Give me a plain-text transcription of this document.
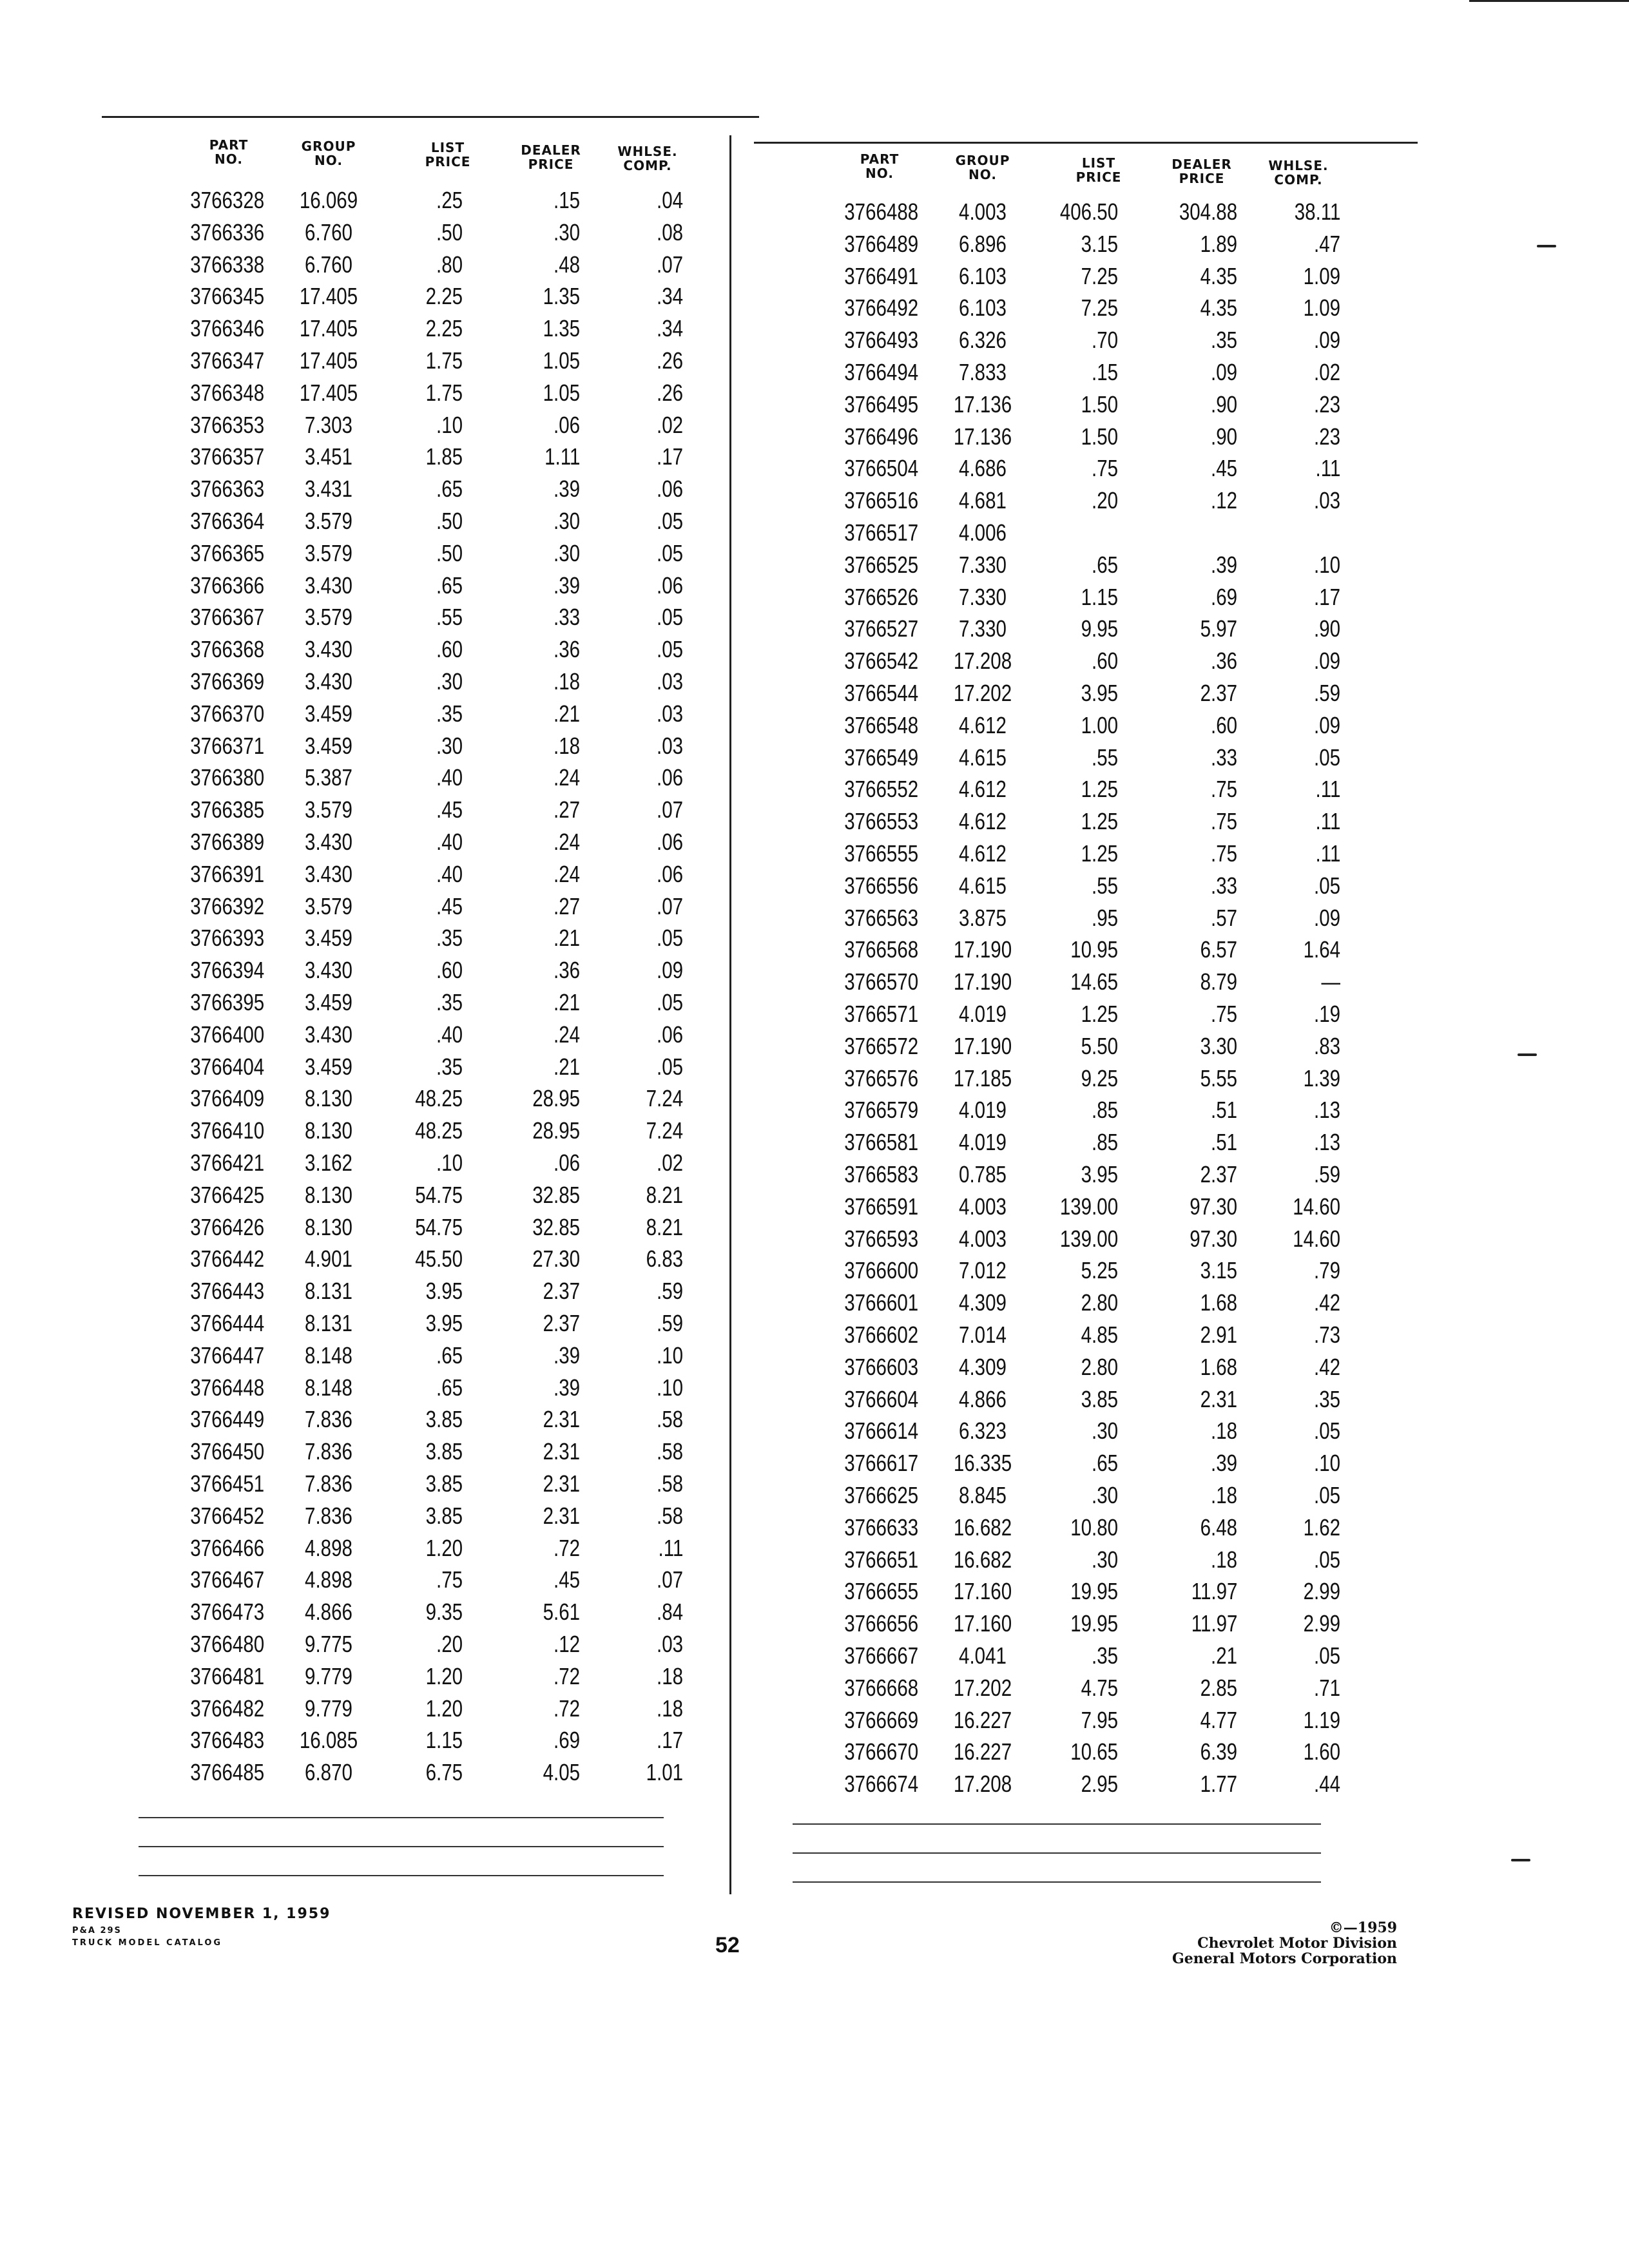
PART
NO.
GROUP
NO.
LIST
PRICE
DEALER
PRICE
WHLSE.
COMP.
3766328	16.069	.25	.15	.04
3766336	6.760	.50	.30	.08
3766338	6.760	.80	.48	.07
3766345	17.405	2.25	1.35	.34
3766346	17.405	2.25	1.35	.34
3766347	17.405	1.75	1.05	.26
3766348	17.405	1.75	1.05	.26
3766353	7.303	.10	.06	.02
3766357	3.451	1.85	1.11	.17
3766363	3.431	.65	.39	.06
3766364	3.579	.50	.30	.05
3766365	3.579	.50	.30	.05
3766366	3.430	.65	.39	.06
3766367	3.579	.55	.33	.05
3766368	3.430	.60	.36	.05
3766369	3.430	.30	.18	.03
3766370	3.459	.35	.21	.03
3766371	3.459	.30	.18	.03
3766380	5.387	.40	.24	.06
3766385	3.579	.45	.27	.07
3766389	3.430	.40	.24	.06
3766391	3.430	.40	.24	.06
3766392	3.579	.45	.27	.07
3766393	3.459	.35	.21	.05
3766394	3.430	.60	.36	.09
3766395	3.459	.35	.21	.05
3766400	3.430	.40	.24	.06
3766404	3.459	.35	.21	.05
3766409	8.130	48.25	28.95	7.24
3766410	8.130	48.25	28.95	7.24
3766421	3.162	.10	.06	.02
3766425	8.130	54.75	32.85	8.21
3766426	8.130	54.75	32.85	8.21
3766442	4.901	45.50	27.30	6.83
3766443	8.131	3.95	2.37	.59
3766444	8.131	3.95	2.37	.59
3766447	8.148	.65	.39	.10
3766448	8.148	.65	.39	.10
3766449	7.836	3.85	2.31	.58
3766450	7.836	3.85	2.31	.58
3766451	7.836	3.85	2.31	.58
3766452	7.836	3.85	2.31	.58
3766466	4.898	1.20	.72	.11
3766467	4.898	.75	.45	.07
3766473	4.866	9.35	5.61	.84
3766480	9.775	.20	.12	.03
3766481	9.779	1.20	.72	.18
3766482	9.779	1.20	.72	.18
3766483	16.085	1.15	.69	.17
3766485	6.870	6.75	4.05	1.01
PART
NO.
GROUP
NO.
LIST
PRICE
DEALER
PRICE
WHLSE.
COMP.
3766488	4.003	406.50	304.88 38.11
3766489	6.896	3.15	1.89	.47
3766491	6.103	7.25	4.35	1.09
3766492	6.103	7.25	4.35	1.09
3766493	6.326	.70	.35	.09
3766494	7.833	.15	.09	.02
3766495	17.136	1.50	.90	.23
3766496	17.136	1.50	.90	.23
3766504	4.686	.75	.45	.11
3766516	4.681	.20	.12	.03
3766517	4.006
3766525	7.330	.65	.39	.10
3766526	7.330	1.15	.69	.17
3766527	7.330	9.95	5.97	.90
3766542	17.208	.60	.36	.09
3766544	17.202	3.95	2.37	.59
3766548	4.612	1.00	.60	.09
3766549	4.615	.55	.33	.05
3766552	4.612	1.25	.75	.11
3766553	4.612	1.25	.75	.11
3766555	4.612	1.25	.75	.11
3766556	4.615	.55	.33	.05
3766563	3.875	.95	.57	.09
3766568	17.190	10.95	6.57	1.64
3766570	17.190	14.65	8.79	—
3766571	4.019	1.25	.75	.19
3766572	17.190	5.50	3.30	.83
3766576	17.185	9.25	5.55	1.39
3766579	4.019	.85	.51	.13
3766581	4.019	.85	.51	.13
3766583	0.785	3.95	2.37	.59
3766591	4.003	139.00	97.30 14.60
3766593	4.003	139.00	97.30 14.60
3766600	7.012	5.25	3.15	.79
3766601	4.309	2.80	1.68	.42
3766602	7.014	4.85	2.91	.73
3766603	4.309	2.80	1.68	.42
3766604	4.866	3.85	2.31	.35
3766614	6.323	.30	.18	.05
3766617	16.335	.65	.39	.10
3766625	8.845	.30	.18	.05
3766633	16.682	10.80	6.48	1.62
3766651	16.682	.30	.18	.05
3766655	17.160	19.95	11.97	2.99
3766656	17.160	19.95	11.97	2.99
3766667	4.041	.35	.21	.05
3766668	17.202	4.75	2.85	.71
3766669	16.227	7.95	4.77	1.19
3766670	16.227	10.65	6.39	1.60
3766674	17.208	2.95	1.77	.44
REVISED NOVEMBER 1, 1959
P&A 29S
TRUCK MODEL CATALOG	52
©—1959
Chevrolet Motor Division
General Motors Corporation
